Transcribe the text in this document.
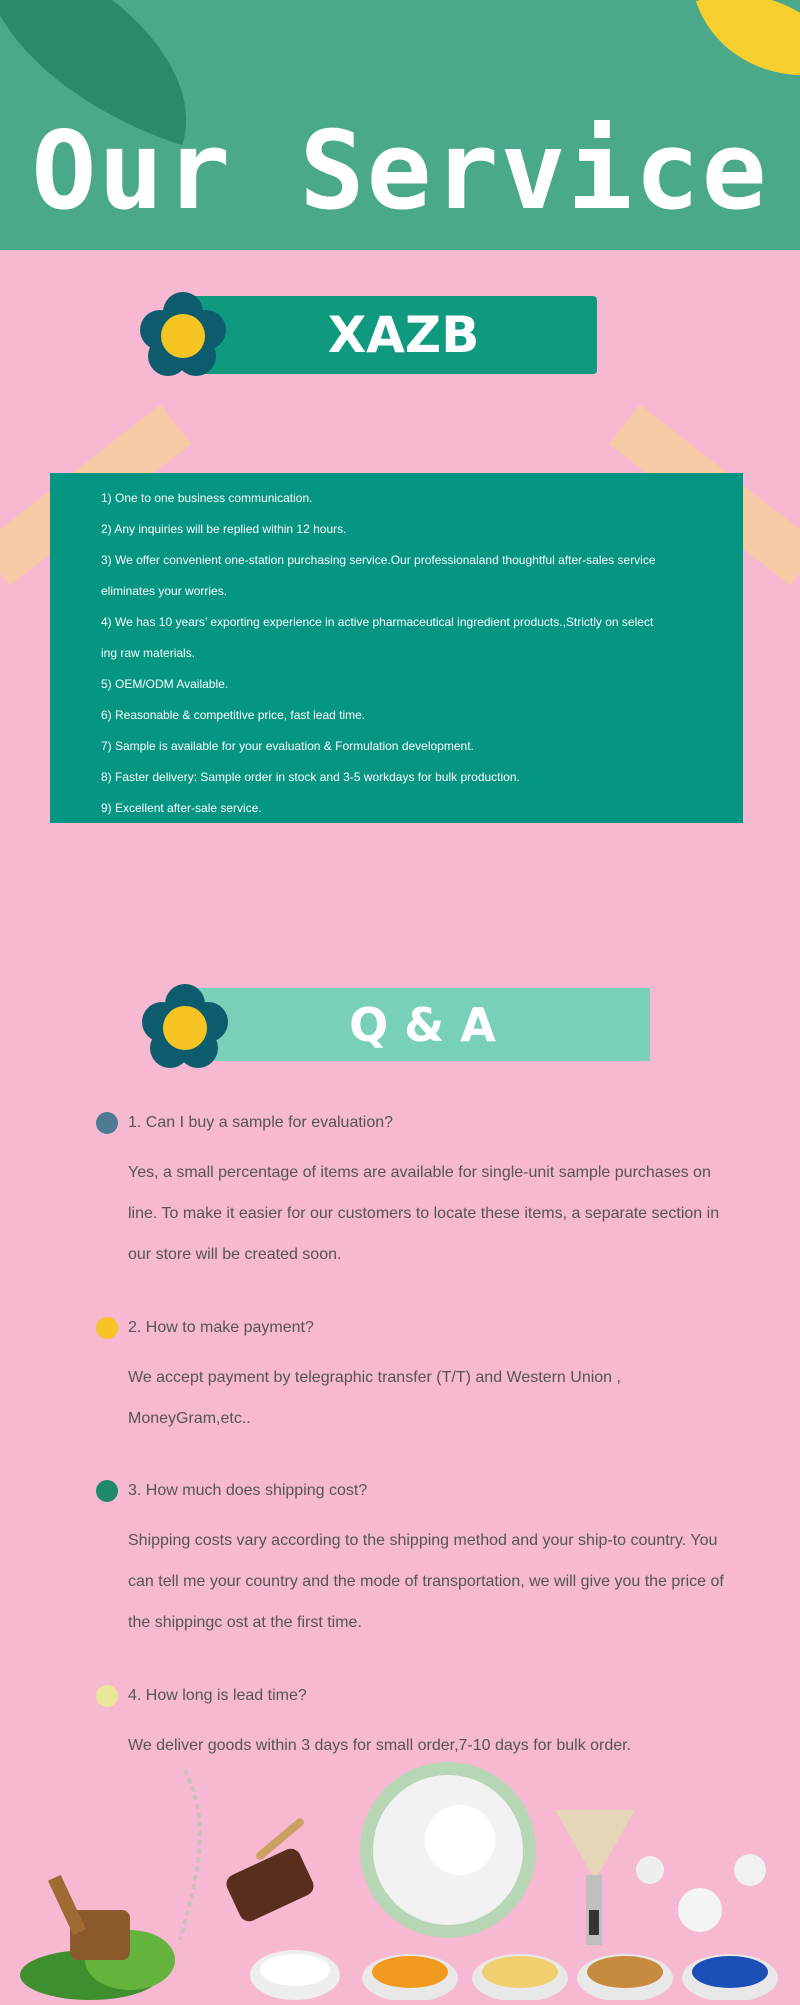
Our Service
XAZB
1) One to one business communication.
2) Any inquiries will be replied within 12 hours.
3) We offer convenient one-station purchasing service.Our professionaland thoughtful after-sales service
eliminates your worries.
4) We has 10 years’ exporting experience in active pharmaceutical ingredient products.,Strictly on select
ing raw materials.
5) OEM/ODM Available.
6) Reasonable & competitive price, fast lead time.
7) Sample is available for your evaluation & Formulation development.
8) Faster delivery: Sample order in stock and 3-5 workdays for bulk production.
9) Excellent after-sale service.
Q & A
1. Can I buy a sample for evaluation?
Yes, a small percentage of items are available for single-unit sample purchases on line. To make it easier for our customers to locate these items, a separate section in our store will be created soon.
2. How to make payment?
We accept payment by telegraphic transfer (T/T) and Western Union , MoneyGram,etc..
3. How much does shipping cost?
Shipping costs vary according to the shipping method and your ship-to country. You can tell me your country and the mode of transportation, we will give you the price of the shippingc ost at the first time.
4. How long is lead time?
We deliver goods within 3 days for small order,7-10 days for bulk order.
